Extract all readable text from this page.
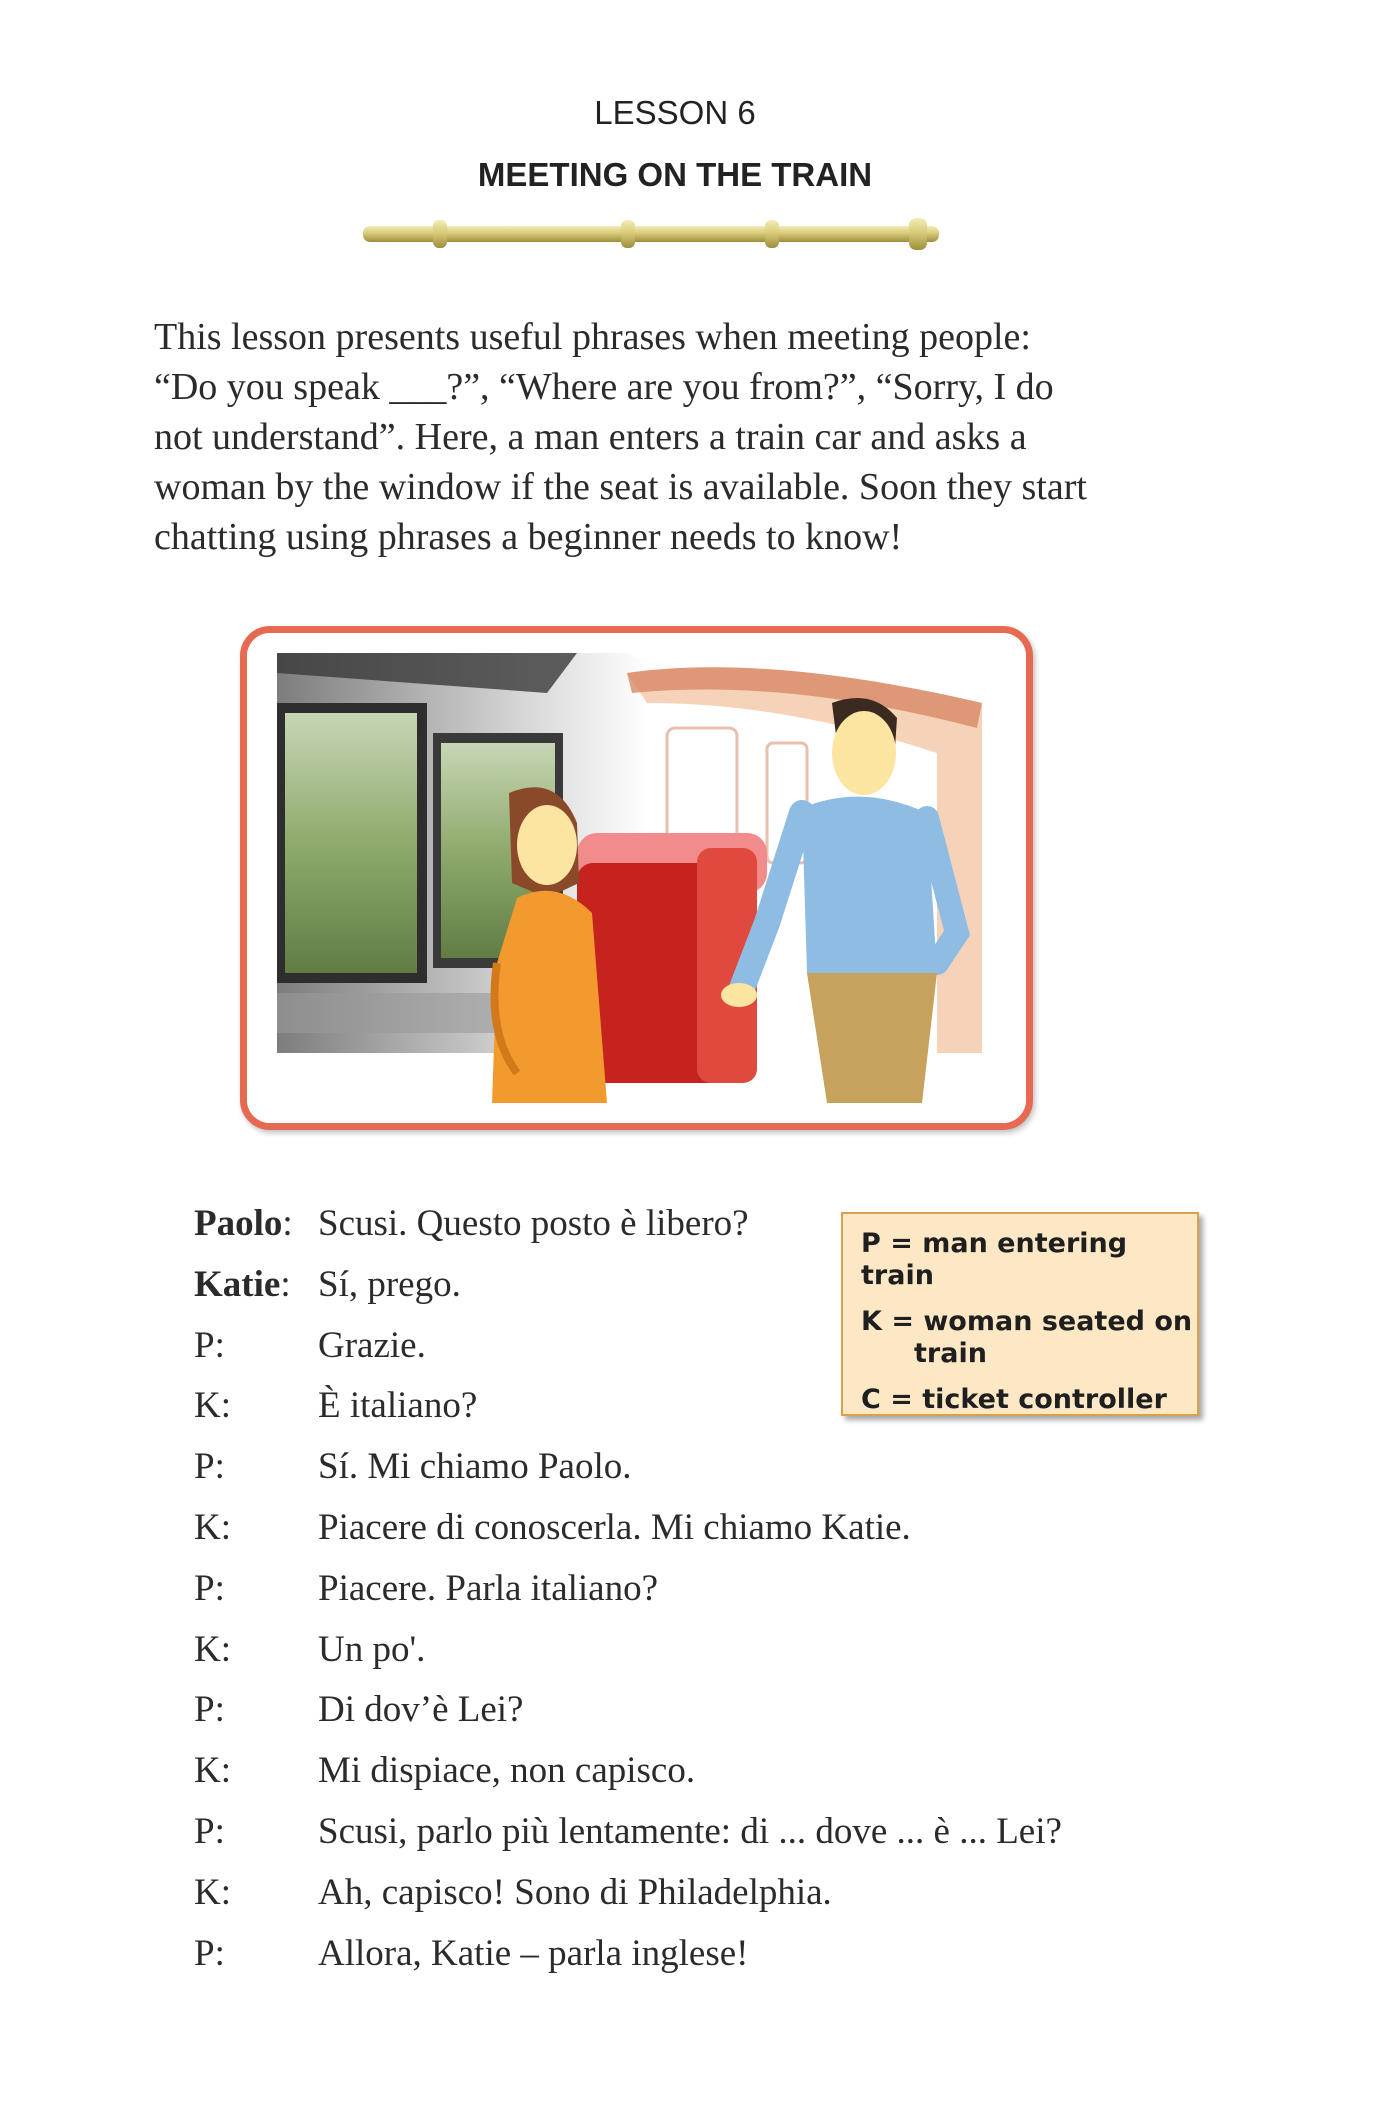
LESSON 6
MEETING ON THE TRAIN

This lesson presents useful phrases when meeting people:

“Do you speak ___?”, “Where are you from?”, “Sorry, I do

not understand”. Here, a man enters a train car and asks a

woman by the window if the seat is available. Soon they start

chatting using phrases a beginner needs to know!

P = man entering train
K = woman seated on
train
C = ticket controller
Paolo: Scusi. Questo posto è libero?
Katie: Sí, prego.
P:	Grazie.
K:	È italiano?
P:	Sí. Mi chiamo Paolo.
K:	Piacere di conoscerla. Mi chiamo Katie.
P:	Piacere. Parla italiano?
K:	Un po'.
P:	Di dov’è Lei?
K:	Mi dispiace, non capisco.
P:	Scusi, parlo più lentamente: di ... dove ... è ... Lei?
K:	Ah, capisco! Sono di Philadelphia.
P:	Allora, Katie – parla inglese!
